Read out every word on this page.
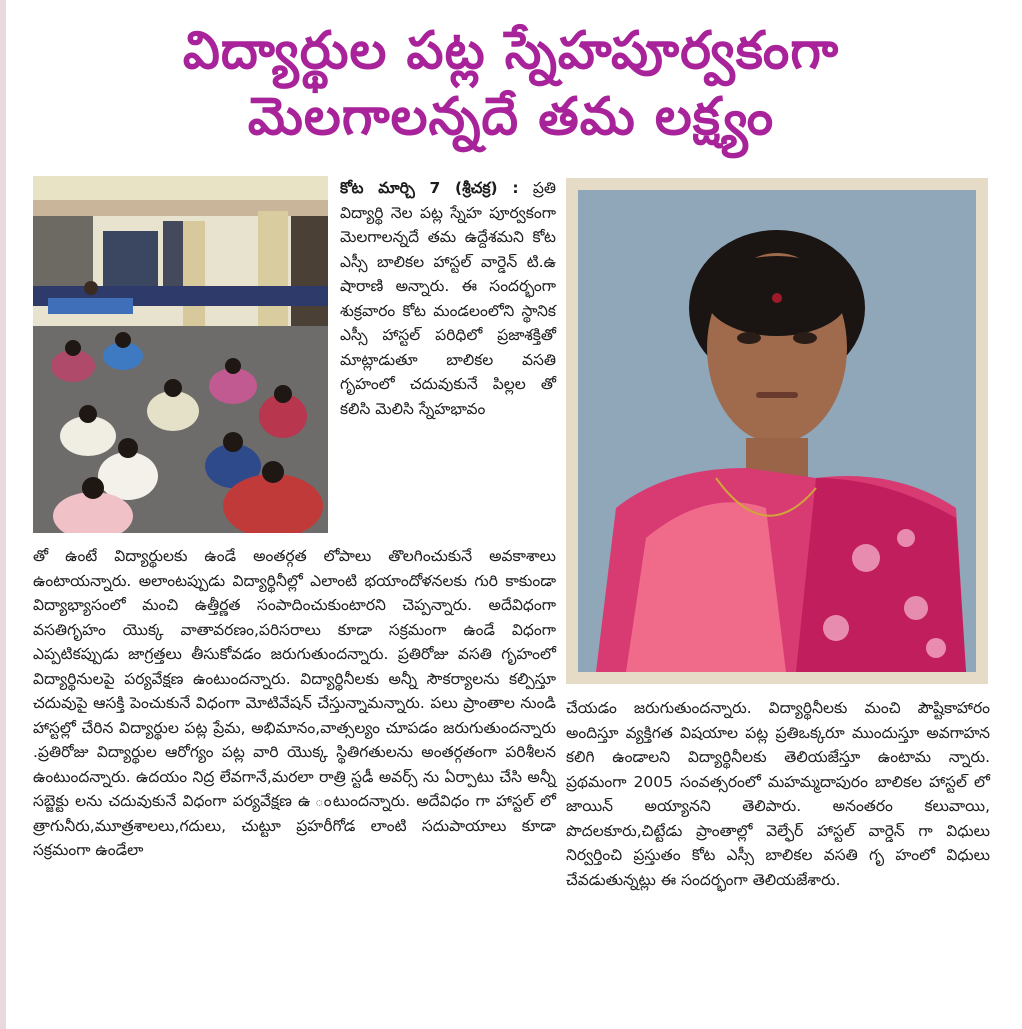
విద్యార్థుల పట్ల స్నేహపూర్వకంగా
మెలగాలన్నదే తమ లక్ష్యం

కోట మార్చి 7 (శ్రీచక్ర) : ప్రతి విద్యార్థి నెల పట్ల స్నేహ పూర్వకంగా మెలగాలన్నదే తమ ఉద్దేశమని కోట ఎస్సీ బాలికల హాస్టల్ వార్డెన్ టి.ఉ షారాణి అన్నారు. ఈ సందర్భంగా శుక్రవారం కోట మండలంలోని స్థానిక ఎస్సీ హాస్టల్ పరిధిలో ప్రజాశక్తితో మాట్లాడుతూ బాలికల వసతి గృహంలో చదువుకునే పిల్లల తో కలిసి మెలిసి స్నేహభావం

తో ఉంటే విద్యార్థులకు ఉండే అంతర్గత లోపాలు తొలగించుకునే అవకాశాలు ఉంటాయన్నారు. అలాంటప్పుడు విద్యార్థినీల్లో ఎలాంటి భయాందోళనలకు గురి కాకుండా విద్యాభ్యాసంలో మంచి ఉత్తీర్ణత సంపాదించుకుంటారని చెప్పన్నారు. అదేవిధంగా వసతిగృహం యొక్క వాతావరణం,పరిసరాలు కూడా సక్రమంగా ఉండే విధంగా ఎప్పటికప్పుడు జాగ్రత్తలు తీసుకోవడం జరుగుతుందన్నారు. ప్రతిరోజు వసతి గృహంలో విద్యార్థినులపై పర్యవేక్షణ ఉంటుందన్నారు. విద్యార్థినీలకు అన్నీ సౌకర్యాలను కల్పిస్తూ చదువుపై ఆసక్తి పెంచుకునే విధంగా మోటివేషన్ చేస్తున్నామన్నారు. పలు ప్రాంతాల నుండి హాస్టల్లో చేరిన విద్యార్థుల పట్ల ప్రేమ, అభిమానం,వాత్సల్యం చూపడం జరుగుతుందన్నారు .ప్రతిరోజు విద్యార్థుల ఆరోగ్యం పట్ల వారి యొక్క స్థితిగతులను అంతర్గతంగా పరిశీలన ఉంటుందన్నారు. ఉదయం నిద్ర లేవగానే,మరలా రాత్రి స్టడీ అవర్స్ ను ఏర్పాటు చేసి అన్నీ సబ్జెక్టు లను చదువుకునే విధంగా పర్యవేక్షణ ఉ ంటుందన్నారు. అదేవిధం గా హాస్టల్ లో త్రాగునీరు,మూత్రశాలలు,గదులు, చుట్టూ ప్రహరీగోడ లాంటి సదుపాయాలు కూడా సక్రమంగా ఉండేలా

చేయడం జరుగుతుందన్నారు. విద్యార్థినీలకు మంచి పౌష్టికాహారం అందిస్తూ వ్యక్తిగత విషయాల పట్ల ప్రతిఒక్కరూ ముందుస్తూ అవగాహన కలిగి ఉండాలని విద్యార్థినీలకు తెలియజేస్తూ ఉంటామ న్నారు. ప్రథమంగా 2005 సంవత్సరంలో మహమ్మదాపురం బాలికల హాస్టల్ లో జాయిన్ అయ్యానని తెలిపారు. అనంతరం కలువాయి, పొదలకూరు,చిట్టేడు ప్రాంతాల్లో వెల్ఫేర్ హాస్టల్ వార్డెన్ గా విధులు నిర్వర్తించి ప్రస్తుతం కోట ఎస్సీ బాలికల వసతి గృ హంలో విధులు చేవడుతున్నట్లు ఈ సందర్భంగా తెలియజేశారు.
